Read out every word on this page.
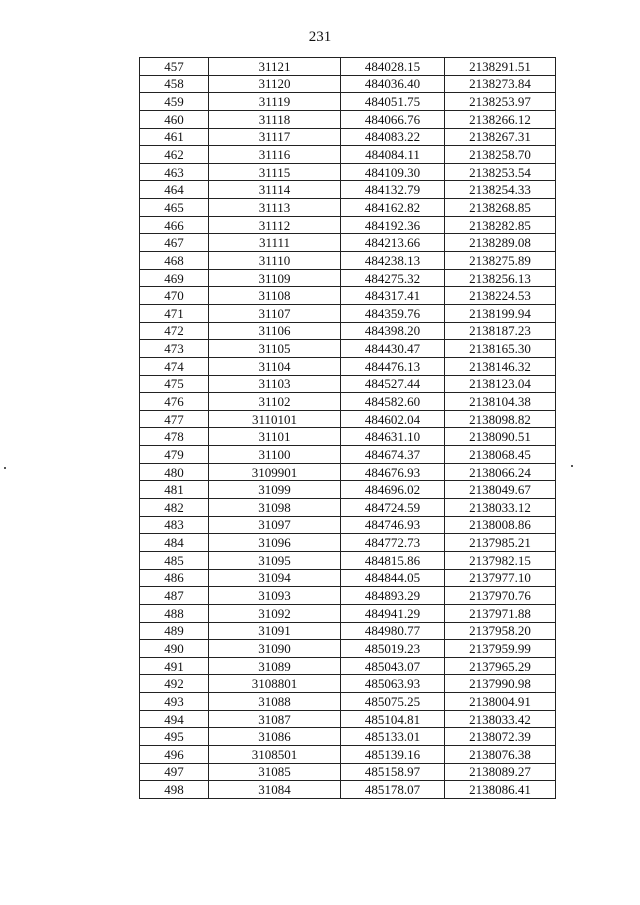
231
457	31121	484028.15	2138291.51
458	31120	484036.40	2138273.84
459	31119	484051.75	2138253.97
460	31118	484066.76	2138266.12
461	31117	484083.22	2138267.31
462	31116	484084.11	2138258.70
463	31115	484109.30	2138253.54
464	31114	484132.79	2138254.33
465	31113	484162.82	2138268.85
466	31112	484192.36	2138282.85
467	31111	484213.66	2138289.08
468	31110	484238.13	2138275.89
469	31109	484275.32	2138256.13
470	31108	484317.41	2138224.53
471	31107	484359.76	2138199.94
472	31106	484398.20	2138187.23
473	31105	484430.47	2138165.30
474	31104	484476.13	2138146.32
475	31103	484527.44	2138123.04
476	31102	484582.60	2138104.38
477	3110101	484602.04	2138098.82
478	31101	484631.10	2138090.51
479	31100	484674.37	2138068.45
480	3109901	484676.93	2138066.24
481	31099	484696.02	2138049.67
482	31098	484724.59	2138033.12
483	31097	484746.93	2138008.86
484	31096	484772.73	2137985.21
485	31095	484815.86	2137982.15
486	31094	484844.05	2137977.10
487	31093	484893.29	2137970.76
488	31092	484941.29	2137971.88
489	31091	484980.77	2137958.20
490	31090	485019.23	2137959.99
491	31089	485043.07	2137965.29
492	3108801	485063.93	2137990.98
493	31088	485075.25	2138004.91
494	31087	485104.81	2138033.42
495	31086	485133.01	2138072.39
496	3108501	485139.16	2138076.38
497	31085	485158.97	2138089.27
498	31084	485178.07	2138086.41
